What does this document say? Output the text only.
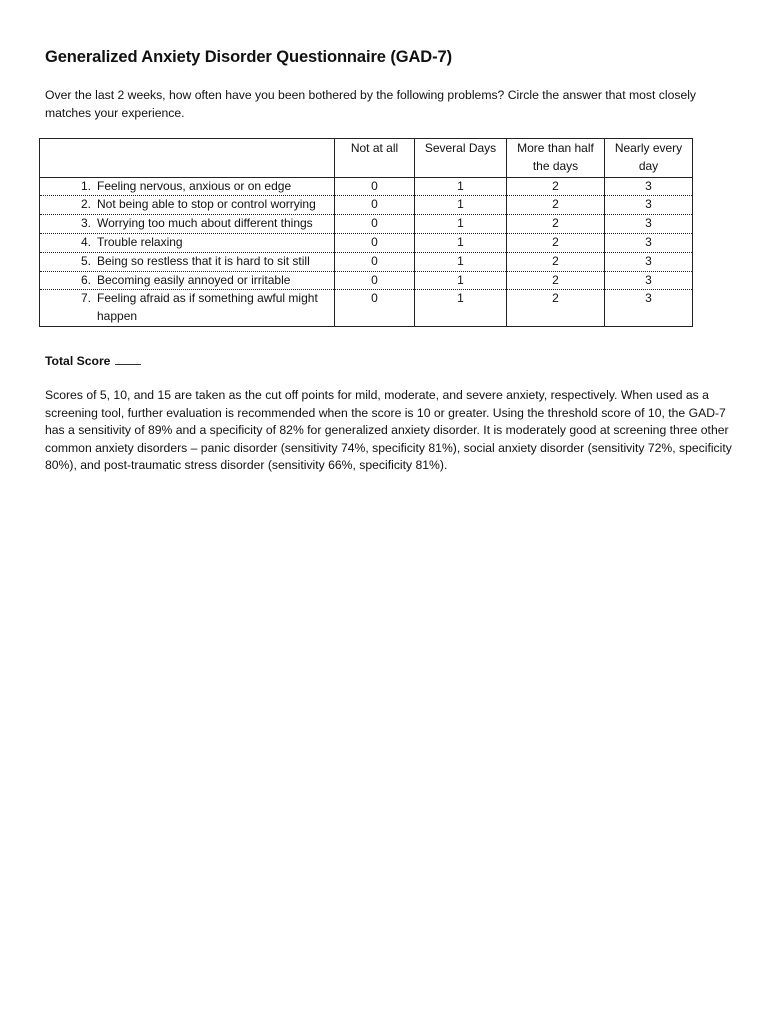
Generalized Anxiety Disorder Questionnaire (GAD-7)
Over the last 2 weeks, how often have you been bothered by the following problems? Circle the answer that most closely matches your experience.
	Not at all	Several Days	More than half the days	Nearly every day

1. Feeling nervous, anxious or on edge	0	1	2	3

2. Not being able to stop or control worrying	0	1	2	3

3. Worrying too much about different things	0	1	2	3

4. Trouble relaxing	0	1	2	3

5. Being so restless that it is hard to sit still	0	1	2	3

6. Becoming easily annoyed or irritable	0	1	2	3

7. Feeling afraid as if something awful might happen	0	1	2	3
Total Score
Scores of 5, 10, and 15 are taken as the cut off points for mild, moderate, and severe anxiety, respectively. When used as a screening tool, further evaluation is recommended when the score is 10 or greater. Using the threshold score of 10, the GAD-7 has a sensitivity of 89% and a specificity of 82% for generalized anxiety disorder. It is moderately good at screening three other common anxiety disorders – panic disorder (sensitivity 74%, specificity 81%), social anxiety disorder (sensitivity 72%, specificity 80%), and post-traumatic stress disorder (sensitivity 66%, specificity 81%).
